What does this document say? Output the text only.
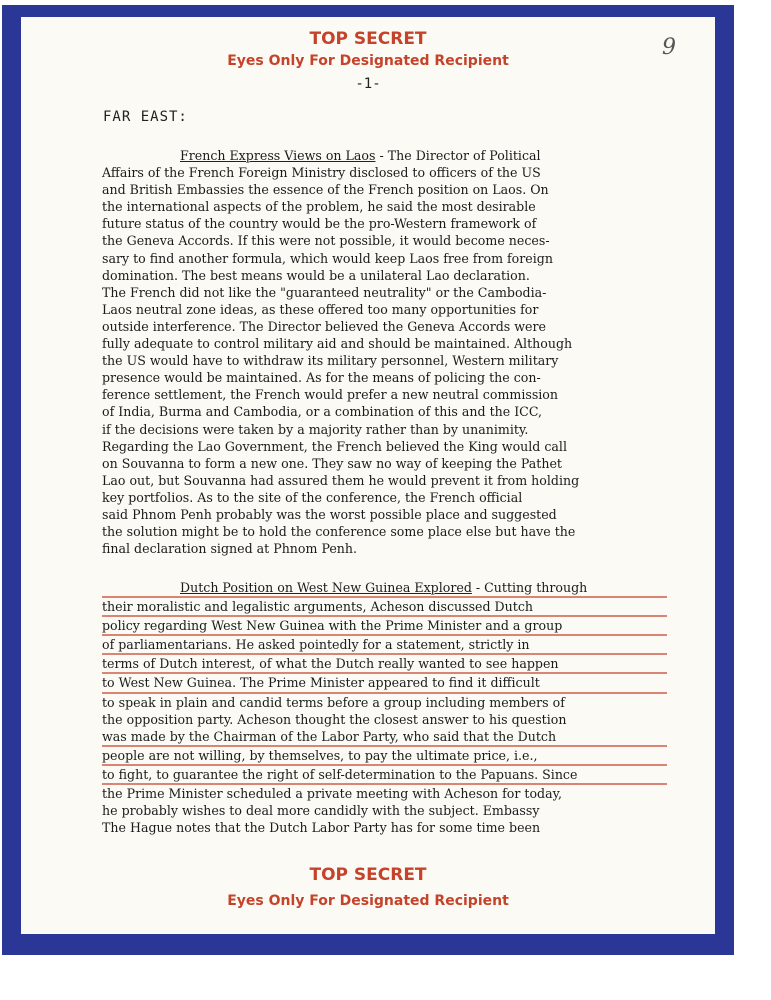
TOP SECRET
Eyes Only For Designated Recipient
-1-
9
FAR EAST:
French Express Views on Laos - The Director of Political
Affairs of the French Foreign Ministry disclosed to officers of the US
and British Embassies the essence of the French position on Laos. On
the international aspects of the problem, he said the most desirable
future status of the country would be the pro-Western framework of
the Geneva Accords. If this were not possible, it would become neces-
sary to find another formula, which would keep Laos free from foreign
domination. The best means would be a unilateral Lao declaration.
The French did not like the "guaranteed neutrality" or the Cambodia-
Laos neutral zone ideas, as these offered too many opportunities for
outside interference. The Director believed the Geneva Accords were
fully adequate to control military aid and should be maintained. Although
the US would have to withdraw its military personnel, Western military
presence would be maintained. As for the means of policing the con-
ference settlement, the French would prefer a new neutral commission
of India, Burma and Cambodia, or a combination of this and the ICC,
if the decisions were taken by a majority rather than by unanimity.
Regarding the Lao Government, the French believed the King would call
on Souvanna to form a new one. They saw no way of keeping the Pathet
Lao out, but Souvanna had assured them he would prevent it from holding
key portfolios. As to the site of the conference, the French official
said Phnom Penh probably was the worst possible place and suggested
the solution might be to hold the conference some place else but have the
final declaration signed at Phnom Penh.
Dutch Position on West New Guinea Explored - Cutting through
their moralistic and legalistic arguments, Acheson discussed Dutch
policy regarding West New Guinea with the Prime Minister and a group
of parliamentarians. He asked pointedly for a statement, strictly in
terms of Dutch interest, of what the Dutch really wanted to see happen
to West New Guinea. The Prime Minister appeared to find it difficult
to speak in plain and candid terms before a group including members of
the opposition party. Acheson thought the closest answer to his question
was made by the Chairman of the Labor Party, who said that the Dutch
people are not willing, by themselves, to pay the ultimate price, i.e.,
to fight, to guarantee the right of self-determination to the Papuans. Since
the Prime Minister scheduled a private meeting with Acheson for today,
he probably wishes to deal more candidly with the subject. Embassy
The Hague notes that the Dutch Labor Party has for some time been
TOP SECRET
Eyes Only For Designated Recipient
